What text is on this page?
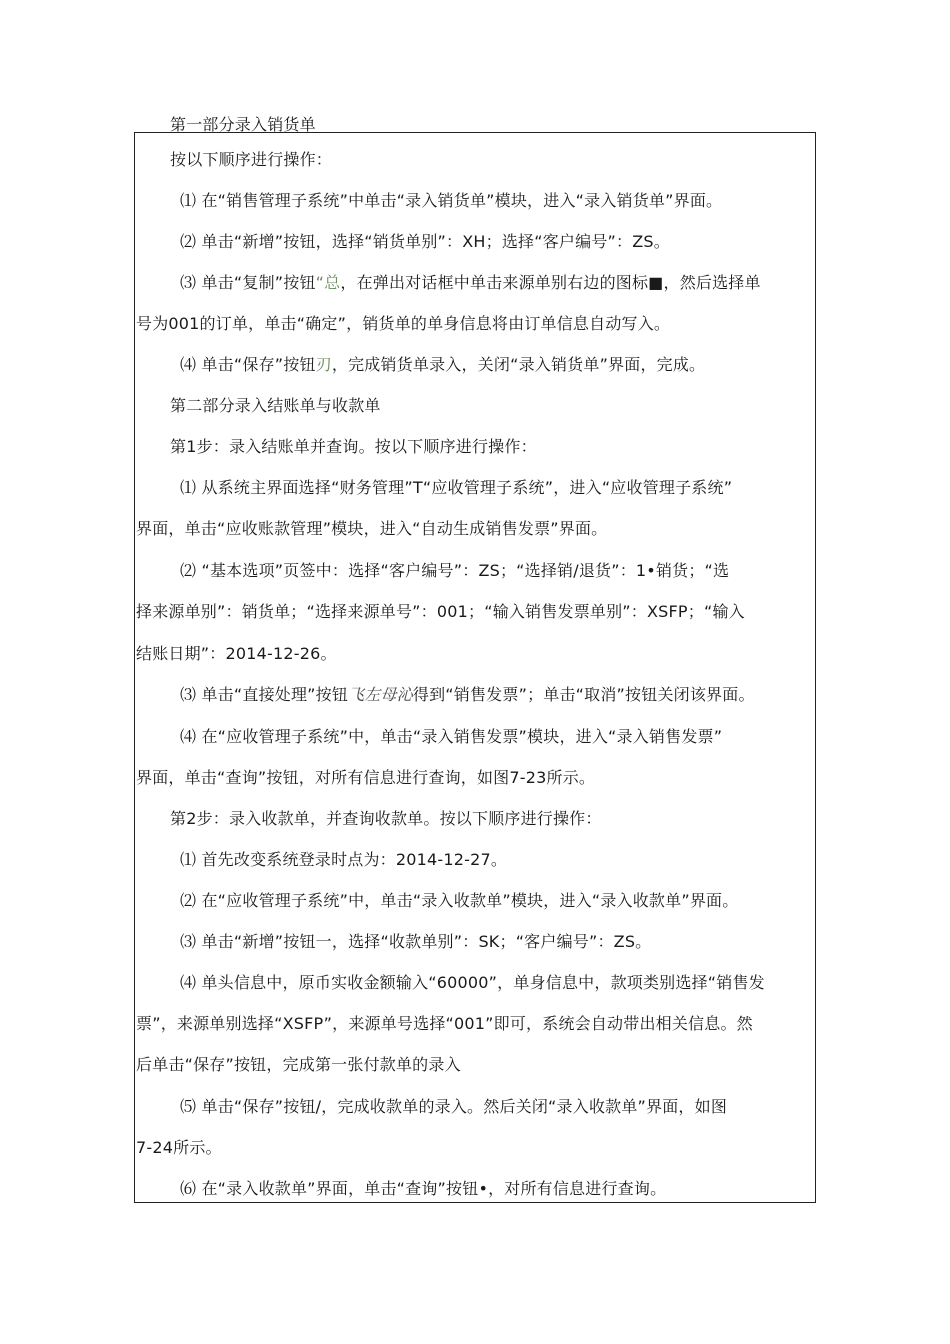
第一部分录入销货单
按以下顺序进行操作：
⑴ 在“销售管理子系统”中单击“录入销货单”模块，进入“录入销货单”界面。
⑵ 单击“新增”按钮，选择“销货单别”：XH；选择“客户编号”：ZS。
⑶ 单击“复制”按钮“总，在弹出对话框中单击来源单别右边的图标■，然后选择单
号为001的订单，单击“确定”，销货单的单身信息将由订单信息自动写入。
⑷ 单击“保存”按钮刃，完成销货单录入，关闭“录入销货单”界面，完成。
第二部分录入结账单与收款单
第1步：录入结账单并查询。按以下顺序进行操作：
⑴ 从系统主界面选择“财务管理”T“应收管理子系统”，进入“应收管理子系统”
界面，单击“应收账款管理”模块，进入“自动生成销售发票”界面。
⑵ “基本选项”页签中：选择“客户编号”：ZS；“选择销/退货”：1•销货；“选
择来源单别”：销货单；“选择来源单号”：001；“输入销售发票单别”：XSFP；“输入
结账日期”：2014-12-26。
⑶ 单击“直接处理”按钮飞左母沁得到“销售发票”；单击“取消”按钮关闭该界面。
⑷ 在“应收管理子系统”中，单击“录入销售发票”模块，进入“录入销售发票”
界面，单击“查询”按钮，对所有信息进行查询，如图7-23所示。
第2步：录入收款单，并查询收款单。按以下顺序进行操作：
⑴ 首先改变系统登录时点为：2014-12-27。
⑵ 在“应收管理子系统”中，单击“录入收款单”模块，进入“录入收款单”界面。
⑶ 单击“新增”按钮一，选择“收款单别”：SK；“客户编号”：ZS。
⑷ 单头信息中，原币实收金额输入“60000”，单身信息中，款项类别选择“销售发
票”，来源单别选择“XSFP”，来源单号选择“001”即可，系统会自动带出相关信息。然
后单击“保存”按钮，完成第一张付款单的录入
⑸ 单击“保存”按钮/，完成收款单的录入。然后关闭“录入收款单”界面，如图
7-24所示。
⑹ 在“录入收款单”界面，单击“查询”按钮•，对所有信息进行查询。
